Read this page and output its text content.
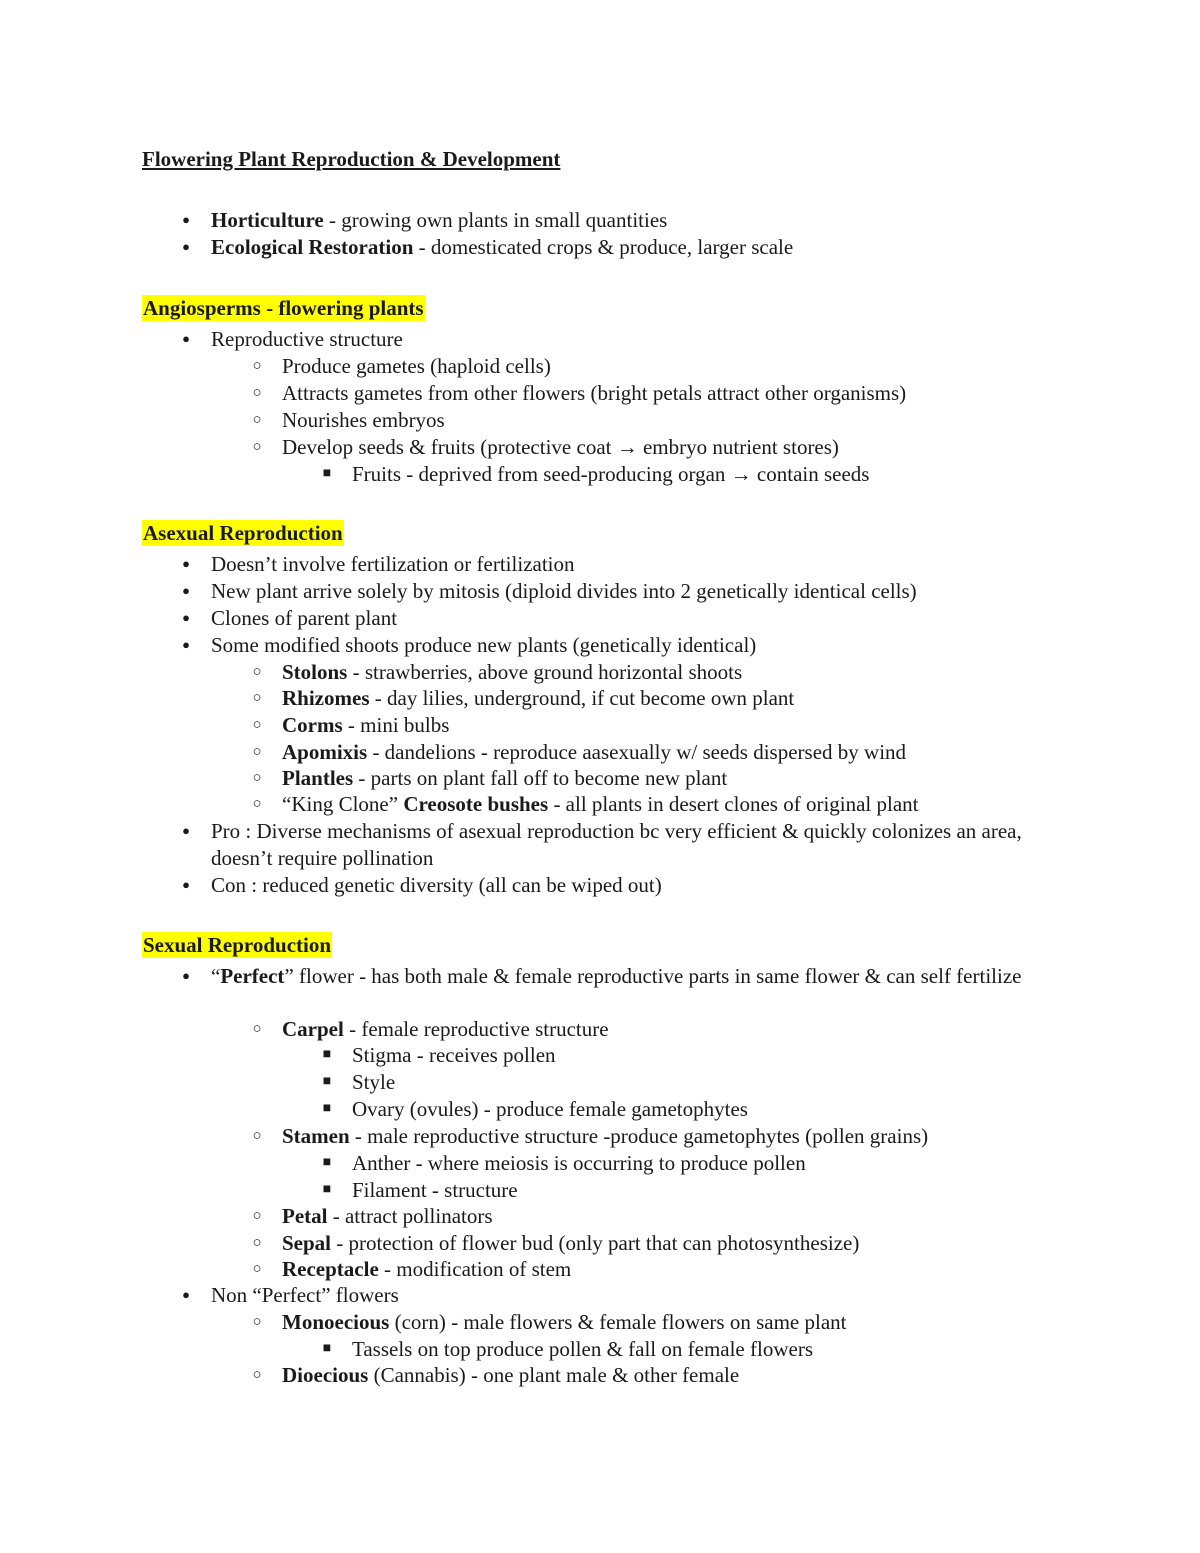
Flowering Plant Reproduction & Development
●	Horticulture - growing own plants in small quantities
●	Ecological Restoration - domesticated crops & produce, larger scale
Angiosperms - flowering plants
●	Reproductive structure
○ Produce gametes (haploid cells)
○ Attracts gametes from other flowers (bright petals attract other organisms)
○ Nourishes embryos
○ Develop seeds & fruits (protective coat → embryo nutrient stores)
■ Fruits - deprived from seed-producing organ → contain seeds
Asexual Reproduction
●	Doesn’t involve fertilization or fertilization
●	New plant arrive solely by mitosis (diploid divides into 2 genetically identical cells)
●	Clones of parent plant
●	Some modified shoots produce new plants (genetically identical)
○ Stolons - strawberries, above ground horizontal shoots
○ Rhizomes - day lilies, underground, if cut become own plant
○ Corms - mini bulbs
○ Apomixis - dandelions - reproduce aasexually w/ seeds dispersed by wind
○ Plantles - parts on plant fall off to become new plant
○ “King Clone” Creosote bushes - all plants in desert clones of original plant
●	Pro : Diverse mechanisms of asexual reproduction bc very efficient & quickly colonizes an area, doesn’t require pollination
●	Con : reduced genetic diversity (all can be wiped out)
Sexual Reproduction
●	“Perfect” flower - has both male & female reproductive parts in same flower & can self fertilize
○ Carpel - female reproductive structure
■ Stigma - receives pollen
■ Style
■ Ovary (ovules) - produce female gametophytes
○ Stamen - male reproductive structure -produce gametophytes (pollen grains)
■ Anther - where meiosis is occurring to produce pollen
■ Filament - structure
○ Petal - attract pollinators
○ Sepal - protection of flower bud (only part that can photosynthesize)
○ Receptacle - modification of stem
●	Non “Perfect” flowers
○ Monoecious (corn) - male flowers & female flowers on same plant
■ Tassels on top produce pollen & fall on female flowers
○ Dioecious (Cannabis) - one plant male & other female
